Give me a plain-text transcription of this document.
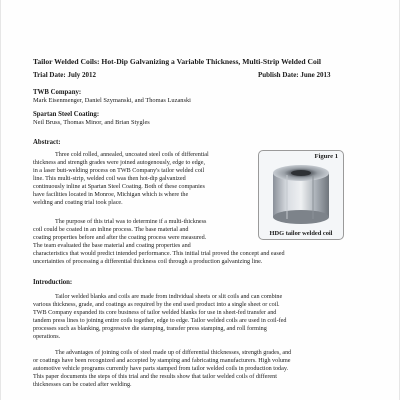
Tailor Welded Coils: Hot-Dip Galvanizing a Variable Thickness, Multi-Strip Welded Coil
Trial Date: July 2012	Publish Date: June 2013
TWB Company:
Mark Eisenmenger, Daniel Szymanski, and Thomas Luzanski
Spartan Steel Coating:
Neil Bruss, Thomas Minor, and Brian Stygles
Abstract:
Three cold rolled, annealed, uncoated steel coils of differential
thickness and strength grades were joined autogenously, edge to edge,
in a laser butt-welding process on TWB Company's tailor welded coil
line. This multi-strip, welded coil was then hot-dip galvanized
continuously inline at Spartan Steel Coating. Both of these companies
have facilities located in Monroe, Michigan which is where the
welding and coating trial took place.
Figure 1
HDG tailor welded coil
The purpose of this trial was to determine if a multi-thickness
coil could be coated in an inline process. The base material and
coating properties before and after the coating process were measured.
The team evaluated the base material and coating properties and
characteristics that would predict intended performance. This initial trial proved the concept and eased
uncertainties of processing a differential thickness coil through a production galvanizing line.
Introduction:
Tailor welded blanks and coils are made from individual sheets or slit coils and can combine
various thickness, grade, and coatings as required by the end used product into a single sheet or coil.
TWB Company expanded its core business of tailor welded blanks for use in sheet-fed transfer and
tandem press lines to joining entire coils together, edge to edge. Tailor welded coils are used in coil-fed
processes such as blanking, progressive die stamping, transfer press stamping, and roll forming
operations.
The advantages of joining coils of steel made up of differential thicknesses, strength grades, and
or coatings have been recognized and accepted by stamping and fabricating manufacturers. High volume
automotive vehicle programs currently have parts stamped from tailor welded coils in production today.
This paper documents the steps of this trial and the results show that tailor welded coils of different
thicknesses can be coated after welding.
